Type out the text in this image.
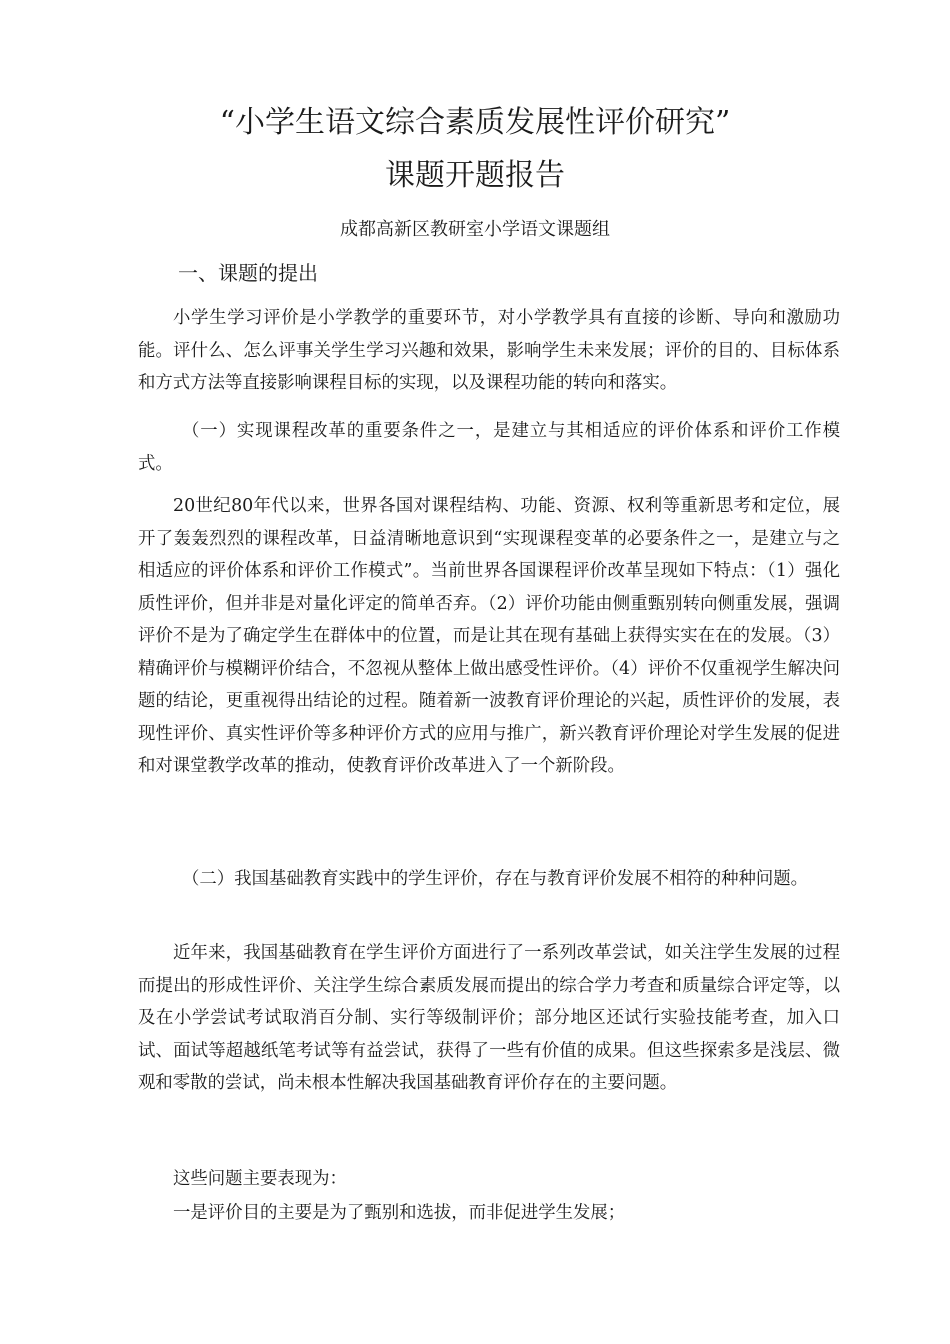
“小学生语文综合素质发展性评价研究”
课题开题报告

成都高新区教研室小学语文课题组

一、课题的提出

小学生学习评价是小学教学的重要环节，对小学教学具有直接的诊断、导向和激励功能。评什么、怎么评事关学生学习兴趣和效果，影响学生未来发展；评价的目的、目标体系和方式方法等直接影响课程目标的实现，以及课程功能的转向和落实。

（一）实现课程改革的重要条件之一，是建立与其相适应的评价体系和评价工作模式。

20世纪80年代以来，世界各国对课程结构、功能、资源、权利等重新思考和定位，展开了轰轰烈烈的课程改革，日益清晰地意识到“实现课程变革的必要条件之一，是建立与之相适应的评价体系和评价工作模式”。当前世界各国课程评价改革呈现如下特点：（1）强化质性评价，但并非是对量化评定的简单否弃。（2）评价功能由侧重甄别转向侧重发展，强调评价不是为了确定学生在群体中的位置，而是让其在现有基础上获得实实在在的发展。（3）精确评价与模糊评价结合，不忽视从整体上做出感受性评价。（4）评价不仅重视学生解决问题的结论，更重视得出结论的过程。随着新一波教育评价理论的兴起，质性评价的发展，表现性评价、真实性评价等多种评价方式的应用与推广，新兴教育评价理论对学生发展的促进和对课堂教学改革的推动，使教育评价改革进入了一个新阶段。

（二）我国基础教育实践中的学生评价，存在与教育评价发展不相符的种种问题。

近年来，我国基础教育在学生评价方面进行了一系列改革尝试，如关注学生发展的过程而提出的形成性评价、关注学生综合素质发展而提出的综合学力考查和质量综合评定等，以及在小学尝试考试取消百分制、实行等级制评价；部分地区还试行实验技能考查，加入口试、面试等超越纸笔考试等有益尝试，获得了一些有价值的成果。但这些探索多是浅层、微观和零散的尝试，尚未根本性解决我国基础教育评价存在的主要问题。

这些问题主要表现为：

一是评价目的主要是为了甄别和选拔，而非促进学生发展；
